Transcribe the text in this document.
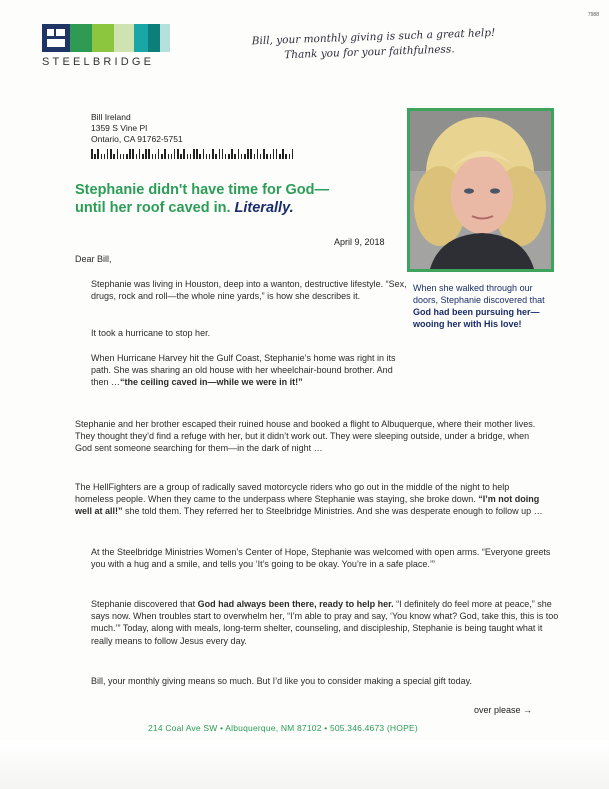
STEELBRIDGE
7988
Bill, your monthly giving is such a great help!
Thank you for your faithfulness.
Bill Ireland
1359 S Vine Pl
Ontario, CA 91762-5751
Stephanie didn't have time for God—
until her roof caved in. Literally.
April 9, 2018
When she walked through our doors, Stephanie discovered that God had been pursuing her—wooing her with His love!
Dear Bill,
Stephanie was living in Houston, deep into a wanton, destructive lifestyle. “Sex, drugs, rock and roll—the whole nine yards,” is how she describes it.
It took a hurricane to stop her.
When Hurricane Harvey hit the Gulf Coast, Stephanie’s home was right in its path. She was sharing an old house with her wheelchair-bound brother. And then …“the ceiling caved in—while we were in it!”
Stephanie and her brother escaped their ruined house and booked a flight to Albuquerque, where their mother lives. They thought they’d find a refuge with her, but it didn’t work out. They were sleeping outside, under a bridge, when God sent someone searching for them—in the dark of night …
The HellFighters are a group of radically saved motorcycle riders who go out in the middle of the night to help homeless people. When they came to the underpass where Stephanie was staying, she broke down. “I’m not doing well at all!” she told them. They referred her to Steelbridge Ministries. And she was desperate enough to follow up …
At the Steelbridge Ministries Women’s Center of Hope, Stephanie was welcomed with open arms. “Everyone greets you with a hug and a smile, and tells you ‘It’s going to be okay. You’re in a safe place.’”
Stephanie discovered that God had always been there, ready to help her. “I definitely do feel more at peace,” she says now. When troubles start to overwhelm her, “I’m able to pray and say, ‘You know what? God, take this, this is too much.’” Today, along with meals, long-term shelter, counseling, and discipleship, Stephanie is being taught what it really means to follow Jesus every day.
Bill, your monthly giving means so much. But I’d like you to consider making a special gift today.
over please →
214 Coal Ave SW • Albuquerque, NM 87102 • 505.346.4673 (HOPE)
